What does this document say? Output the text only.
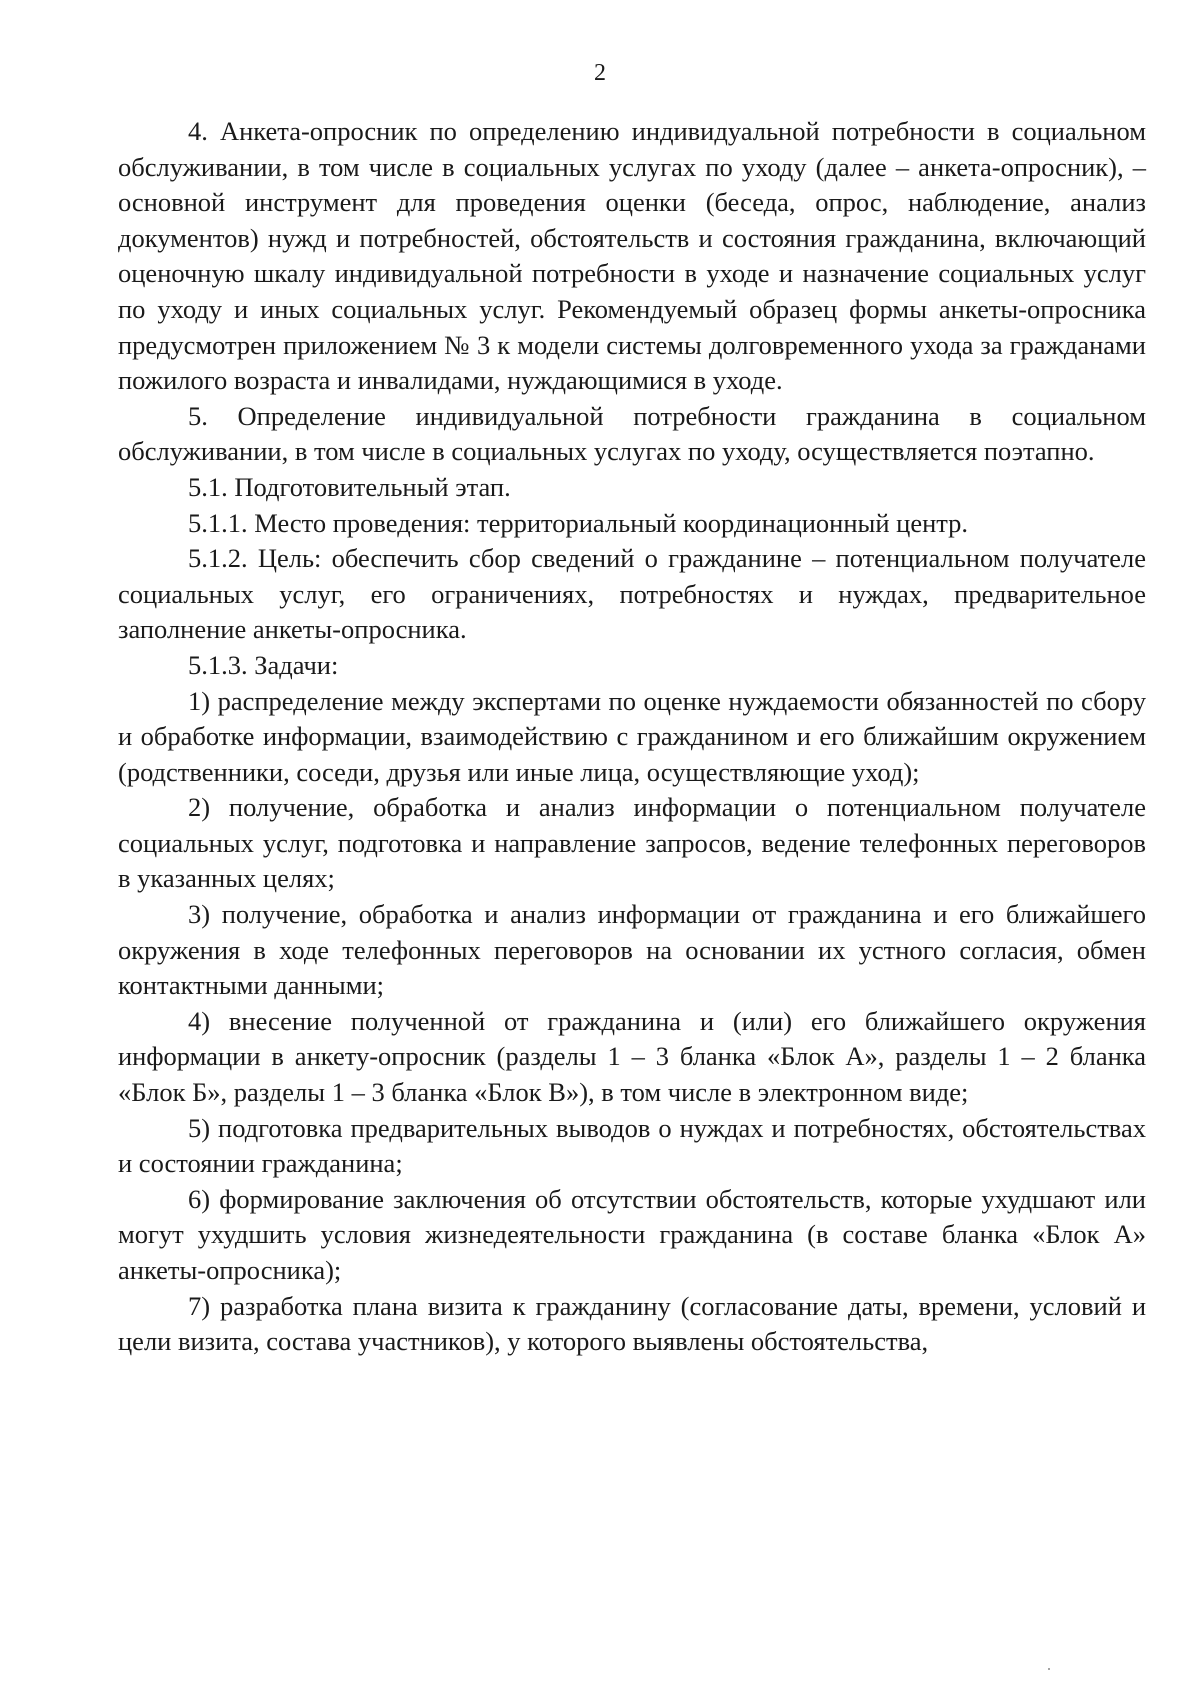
2

4. Анкета-опросник по определению индивидуальной потребности в социальном обслуживании, в том числе в социальных услугах по уходу (далее – анкета-опросник), – основной инструмент для проведения оценки (беседа, опрос, наблюдение, анализ документов) нужд и потребностей, обстоятельств и состояния гражданина, включающий оценочную шкалу индивидуальной потребности в уходе и назначение социальных услуг по уходу и иных социальных услуг. Рекомендуемый образец формы анкеты-опросника предусмотрен приложением № 3 к модели системы долговременного ухода за гражданами пожилого возраста и инвалидами, нуждающимися в уходе.

5. Определение индивидуальной потребности гражданина в социальном обслуживании, в том числе в социальных услугах по уходу, осуществляется поэтапно.

5.1. Подготовительный этап.

5.1.1. Место проведения: территориальный координационный центр.

5.1.2. Цель: обеспечить сбор сведений о гражданине – потенциальном получателе социальных услуг, его ограничениях, потребностях и нуждах, предварительное заполнение анкеты-опросника.

5.1.3. Задачи:

1) распределение между экспертами по оценке нуждаемости обязанностей по сбору и обработке информации, взаимодействию с гражданином и его ближайшим окружением (родственники, соседи, друзья или иные лица, осуществляющие уход);

2) получение, обработка и анализ информации о потенциальном получателе социальных услуг, подготовка и направление запросов, ведение телефонных переговоров в указанных целях;

3) получение, обработка и анализ информации от гражданина и его ближайшего окружения в ходе телефонных переговоров на основании их устного согласия, обмен контактными данными;

4) внесение полученной от гражданина и (или) его ближайшего окружения информации в анкету-опросник (разделы 1 – 3 бланка «Блок А», разделы 1 – 2 бланка «Блок Б», разделы 1 – 3 бланка «Блок В»), в том числе в электронном виде;

5) подготовка предварительных выводов о нуждах и потребностях, обстоятельствах и состоянии гражданина;

6) формирование заключения об отсутствии обстоятельств, которые ухудшают или могут ухудшить условия жизнедеятельности гражданина (в составе бланка «Блок А» анкеты-опросника);

7) разработка плана визита к гражданину (согласование даты, времени, условий и цели визита, состава участников), у которого выявлены обстоятельства,
